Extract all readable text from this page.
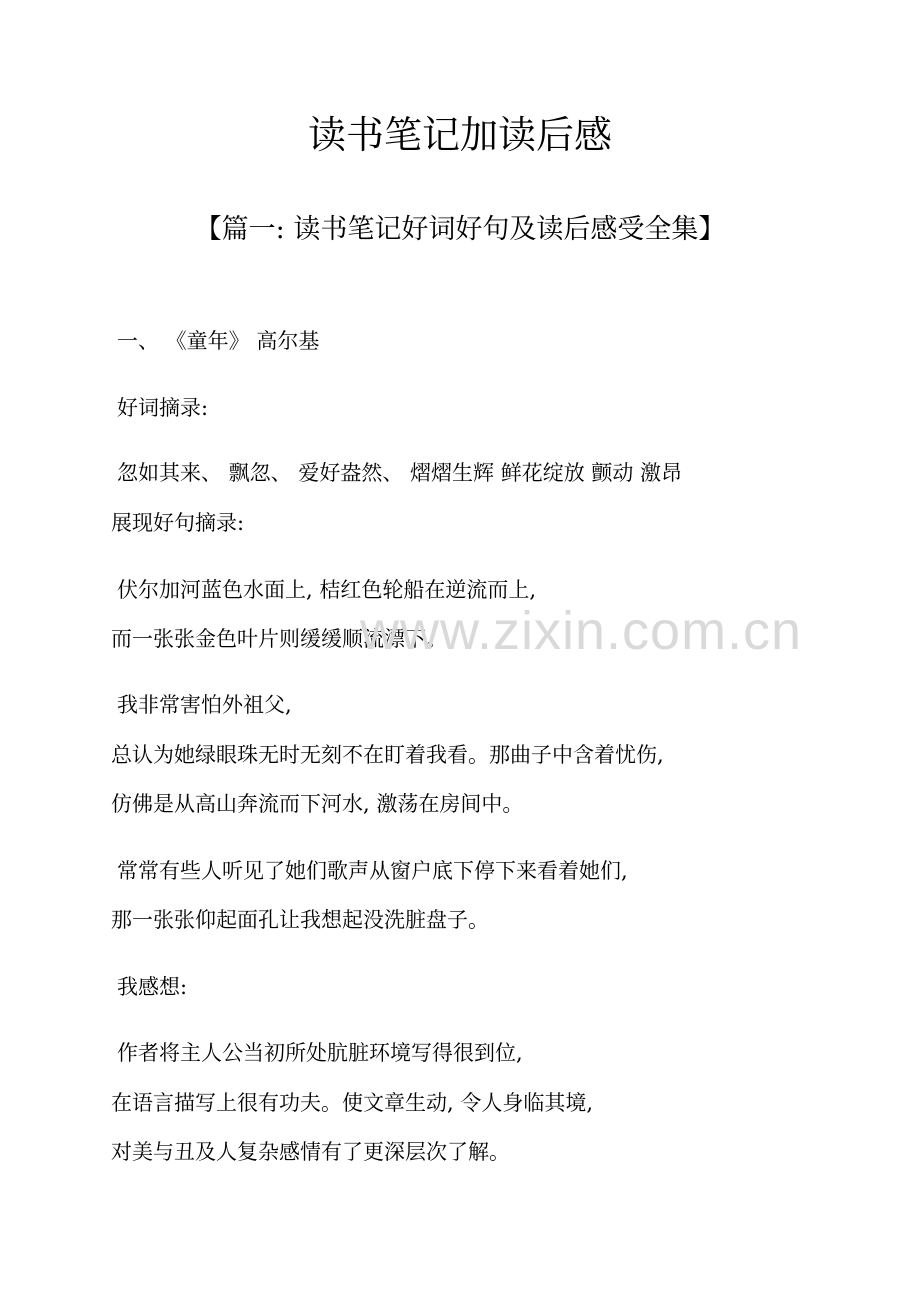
读书笔记加读后感
【篇一: 读书笔记好词好句及读后感受全集】
一、 《童年》 高尔基
好词摘录:
忽如其来、 飘忽、 爱好盎然、 熠熠生辉 鲜花绽放 颤动 激昂
展现好句摘录:
伏尔加河蓝色水面上, 桔红色轮船在逆流而上,
而一张张金色叶片则缓缓顺流漂下。
我非常害怕外祖父,
总认为她绿眼珠无时无刻不在盯着我看。那曲子中含着忧伤,
仿佛是从高山奔流而下河水, 激荡在房间中。
常常有些人听见了她们歌声从窗户底下停下来看着她们,
那一张张仰起面孔让我想起没洗脏盘子。
我感想:
作者将主人公当初所处肮脏环境写得很到位,
在语言描写上很有功夫。使文章生动, 令人身临其境,
对美与丑及人复杂感情有了更深层次了解。
www.zixin.com.cn
